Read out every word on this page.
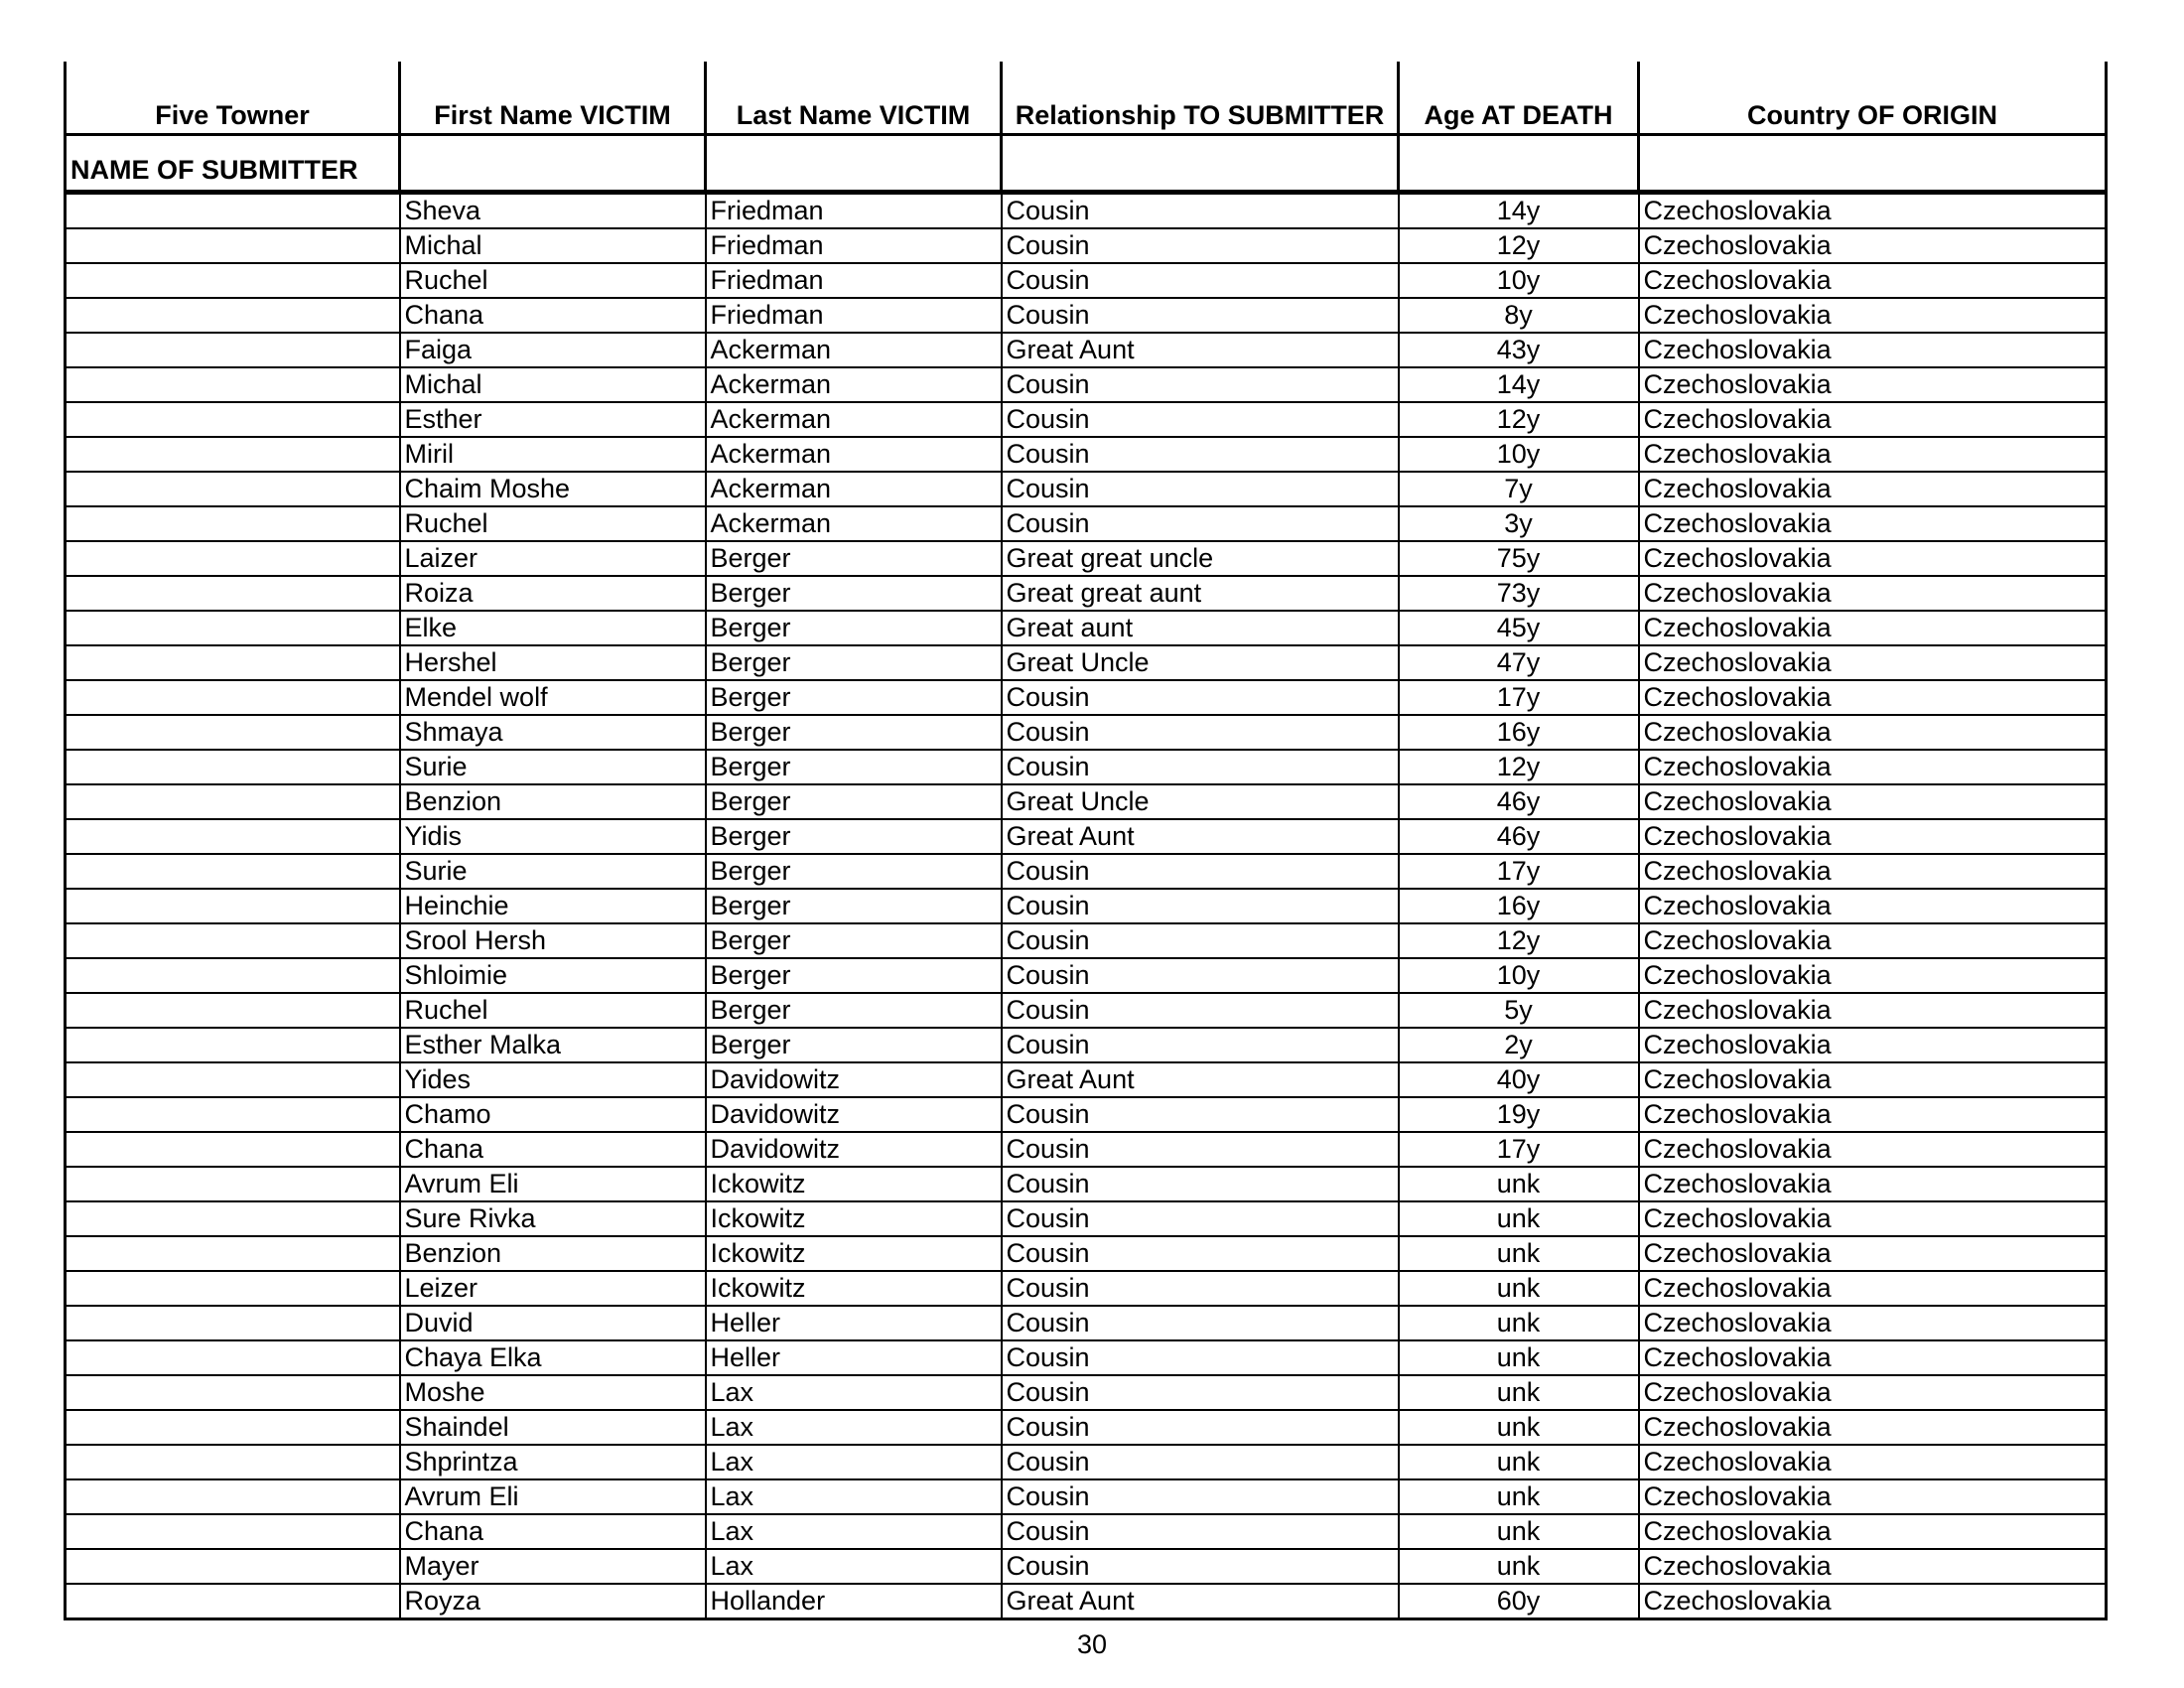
Five Towner	First Name VICTIM	Last Name VICTIM	Relationship TO SUBMITTER	Age AT DEATH	Country OF ORIGIN
NAME OF SUBMITTER					
	Sheva	Friedman	Cousin	14y	Czechoslovakia
	Michal	Friedman	Cousin	12y	Czechoslovakia
	Ruchel	Friedman	Cousin	10y	Czechoslovakia
	Chana	Friedman	Cousin	8y	Czechoslovakia
	Faiga	Ackerman	Great Aunt	43y	Czechoslovakia
	Michal	Ackerman	Cousin	14y	Czechoslovakia
	Esther	Ackerman	Cousin	12y	Czechoslovakia
	Miril	Ackerman	Cousin	10y	Czechoslovakia
	Chaim Moshe	Ackerman	Cousin	7y	Czechoslovakia
	Ruchel	Ackerman	Cousin	3y	Czechoslovakia
	Laizer	Berger	Great great uncle	75y	Czechoslovakia
	Roiza	Berger	Great great aunt	73y	Czechoslovakia
	Elke	Berger	Great aunt	45y	Czechoslovakia
	Hershel	Berger	Great Uncle	47y	Czechoslovakia
	Mendel wolf	Berger	Cousin	17y	Czechoslovakia
	Shmaya	Berger	Cousin	16y	Czechoslovakia
	Surie	Berger	Cousin	12y	Czechoslovakia
	Benzion	Berger	Great Uncle	46y	Czechoslovakia
	Yidis	Berger	Great Aunt	46y	Czechoslovakia
	Surie	Berger	Cousin	17y	Czechoslovakia
	Heinchie	Berger	Cousin	16y	Czechoslovakia
	Srool Hersh	Berger	Cousin	12y	Czechoslovakia
	Shloimie	Berger	Cousin	10y	Czechoslovakia
	Ruchel	Berger	Cousin	5y	Czechoslovakia
	Esther Malka	Berger	Cousin	2y	Czechoslovakia
	Yides	Davidowitz	Great Aunt	40y	Czechoslovakia
	Chamo	Davidowitz	Cousin	19y	Czechoslovakia
	Chana	Davidowitz	Cousin	17y	Czechoslovakia
	Avrum Eli	Ickowitz	Cousin	unk	Czechoslovakia
	Sure Rivka	Ickowitz	Cousin	unk	Czechoslovakia
	Benzion	Ickowitz	Cousin	unk	Czechoslovakia
	Leizer	Ickowitz	Cousin	unk	Czechoslovakia
	Duvid	Heller	Cousin	unk	Czechoslovakia
	Chaya Elka	Heller	Cousin	unk	Czechoslovakia
	Moshe	Lax	Cousin	unk	Czechoslovakia
	Shaindel	Lax	Cousin	unk	Czechoslovakia
	Shprintza	Lax	Cousin	unk	Czechoslovakia
	Avrum Eli	Lax	Cousin	unk	Czechoslovakia
	Chana	Lax	Cousin	unk	Czechoslovakia
	Mayer	Lax	Cousin	unk	Czechoslovakia
	Royza	Hollander	Great Aunt	60y	Czechoslovakia
30
